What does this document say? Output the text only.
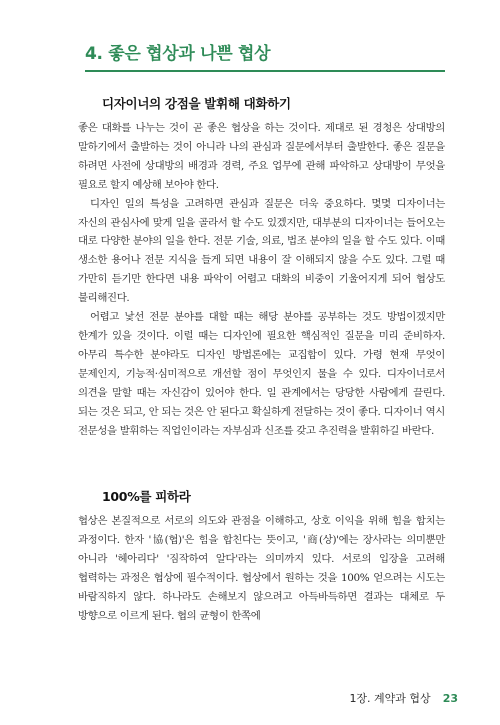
4. 좋은 협상과 나쁜 협상
디자이너의 강점을 발휘해 대화하기

좋은 대화를 나누는 것이 곧 좋은 협상을 하는 것이다. 제대로 된 경청은 상대방의 말하기에서 출발하는 것이 아니라 나의 관심과 질문에서부터 출발한다. 좋은 질문을 하려면 사전에 상대방의 배경과 경력, 주요 업무에 관해 파악하고 상대방이 무엇을 필요로 할지 예상해 보아야 한다.

디자인 일의 특성을 고려하면 관심과 질문은 더욱 중요하다. 몇몇 디자이너는 자신의 관심사에 맞게 일을 골라서 할 수도 있겠지만, 대부분의 디자이너는 들어오는 대로 다양한 분야의 일을 한다. 전문 기술, 의료, 법조 분야의 일을 할 수도 있다. 이때 생소한 용어나 전문 지식을 들게 되면 내용이 잘 이해되지 않을 수도 있다. 그럴 때 가만히 듣기만 한다면 내용 파악이 어렵고 대화의 비중이 기울어지게 되어 협상도 불리해진다.

어렵고 낯선 전문 분야를 대할 때는 해당 분야를 공부하는 것도 방법이겠지만 한계가 있을 것이다. 이럴 때는 디자인에 필요한 핵심적인 질문을 미리 준비하자. 아무리 특수한 분야라도 디자인 방법론에는 교집합이 있다. 가령 현재 무엇이 문제인지, 기능적·심미적으로 개선할 점이 무엇인지 물을 수 있다. 디자이너로서 의견을 말할 때는 자신감이 있어야 한다. 일 관계에서는 당당한 사람에게 끌린다. 되는 것은 되고, 안 되는 것은 안 된다고 확실하게 전달하는 것이 좋다. 디자이너 역시 전문성을 발휘하는 직업인이라는 자부심과 신조를 갖고 추진력을 발휘하길 바란다.

100%를 피하라

협상은 본질적으로 서로의 의도와 관점을 이해하고, 상호 이익을 위해 힘을 합치는 과정이다. 한자 '協(협)'은 힘을 합친다는 뜻이고, '商(상)'에는 장사라는 의미뿐만 아니라 '헤아리다' '짐작하여 알다'라는 의미까지 있다. 서로의 입장을 고려해 협력하는 과정은 협상에 필수적이다. 협상에서 원하는 것을 100% 얻으려는 시도는 바람직하지 않다. 하나라도 손해보지 않으려고 아득바득하면 결과는 대체로 두 방향으로 이르게 된다. 협의 균형이 한쪽에

1장. 계약과 협상 23
